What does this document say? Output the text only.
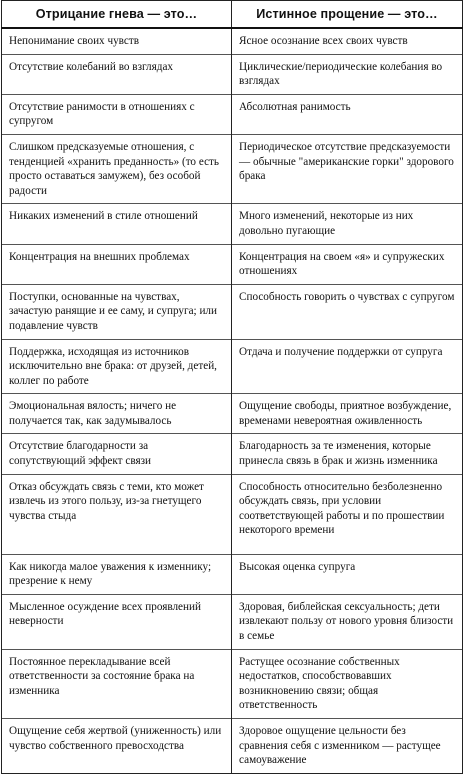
Отрицание гнева — это…	Истинное прощение — это…
Непонимание своих чувств	Ясное осознание всех своих чувств
Отсутствие колебаний во взглядах	Циклические/периодические колебания во взглядах
Отсутствие ранимости в отношениях с супругом	Абсолютная ранимость
Слишком предсказуемые отношения, с тенденцией «хранить преданность» (то есть просто оставаться замужем), без особой радости	Периодическое отсутствие предсказуемости — обычные "американские горки" здорового брака
Никаких изменений в стиле отношений	Много изменений, некоторые из них довольно пугающие
Концентрация на внешних проблемах	Концентрация на своем «я» и супружеских отношениях
Поступки, основанные на чувствах, зачастую ранящие и ее саму, и супруга; или подавление чувств	Способность говорить о чувствах с супругом
Поддержка, исходящая из источников исключительно вне брака: от друзей, детей, коллег по работе	Отдача и получение поддержки от супруга
Эмоциональная вялость; ничего не получается так, как задумывалось	Ощущение свободы, приятное возбуждение, временами невероятная оживленность
Отсутствие благодарности за сопутствующий эффект связи	Благодарность за те изменения, которые принесла связь в брак и жизнь изменника
Отказ обсуждать связь с теми, кто может извлечь из этого пользу, из-за гнетущего чувства стыда	Способность относительно безболезненно обсуждать связь, при условии соответствующей работы и по прошествии некоторого времени
Как никогда малое уважения к изменнику; презрение к нему	Высокая оценка супруга
Мысленное осуждение всех проявлений неверности	Здоровая, библейская сексуальность; дети извлекают пользу от нового уровня близости в семье
Постоянное перекладывание всей ответственности за состояние брака на изменника	Растущее осознание собственных недостатков, способствовавших возникновению связи; общая ответственность
Ощущение себя жертвой (униженность) или чувство собственного превосходства	Здоровое ощущение цельности без сравнения себя с изменником — растущее самоуважение
